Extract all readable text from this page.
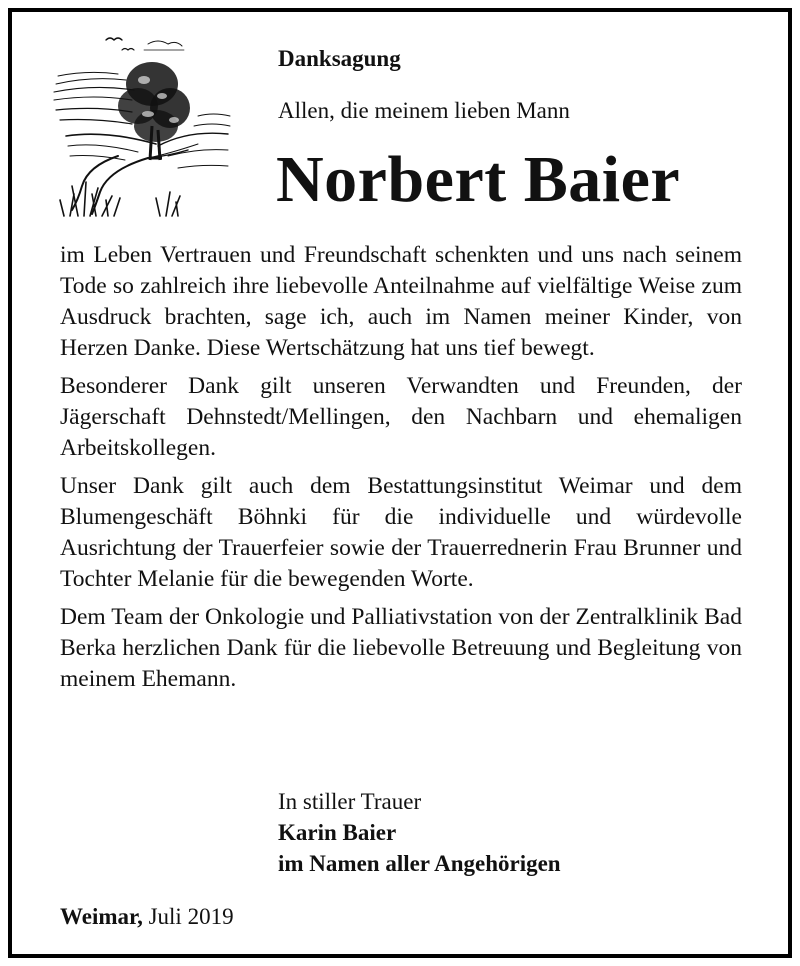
Danksagung
Allen, die meinem lieben Mann
Norbert Baier

im Leben Vertrauen und Freundschaft schenkten und uns nach seinem Tode so zahlreich ihre liebevolle Anteilnahme auf vielfältige Weise zum Ausdruck brachten, sage ich, auch im Namen meiner Kinder, von Herzen Danke. Diese Wertschätzung hat uns tief bewegt.

Besonderer Dank gilt unseren Verwandten und Freunden, der Jägerschaft Dehnstedt/Mellingen, den Nachbarn und ehemaligen Arbeitskollegen.

Unser Dank gilt auch dem Bestattungsinstitut Weimar und dem Blumengeschäft Böhnki für die individuelle und würdevolle Ausrichtung der Trauerfeier sowie der Trauerrednerin Frau Brunner und Tochter Melanie für die bewegenden Worte.

Dem Team der Onkologie und Palliativstation von der Zentralklinik Bad Berka herzlichen Dank für die liebevolle Betreuung und Begleitung von meinem Ehemann.

In stiller Trauer
Karin Baier
im Namen aller Angehörigen
Weimar, Juli 2019
